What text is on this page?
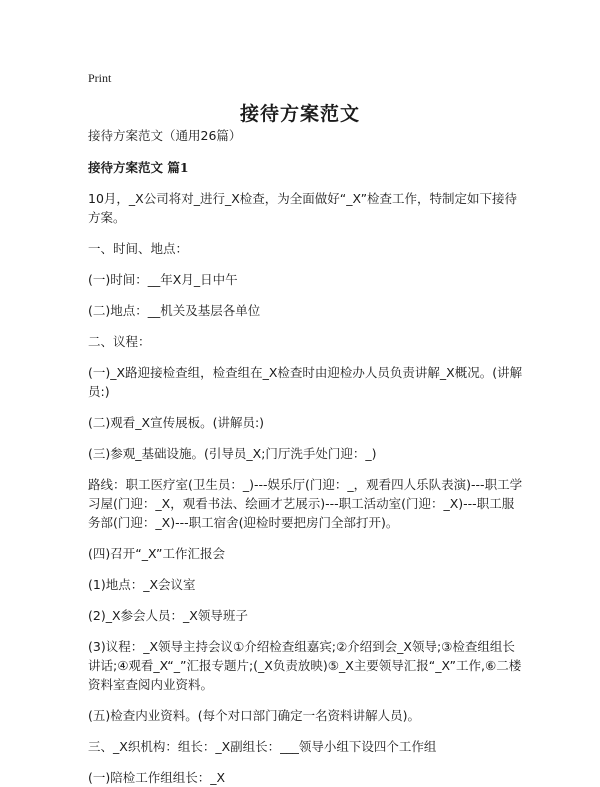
Print
接待方案范文

接待方案范文（通用26篇）

接待方案范文 篇1

10月，_X公司将对_进行_X检查，为全面做好“_X”检查工作，特制定如下接待方案。

一、时间、地点：

(一)时间：__年X月_日中午

(二)地点：__机关及基层各单位

二、议程：

(一)_X路迎接检查组，检查组在_X检查时由迎检办人员负责讲解_X概况。(讲解员:)

(二)观看_X宣传展板。(讲解员:)

(三)参观_基础设施。(引导员_X;门厅洗手处门迎：_)

路线：职工医疗室(卫生员：_)---娱乐厅(门迎：_，观看四人乐队表演)---职工学习屋(门迎：_X，观看书法、绘画才艺展示)---职工活动室(门迎：_X)---职工服务部(门迎：_X)---职工宿舍(迎检时要把房门全部打开)。

(四)召开“_X”工作汇报会

(1)地点：_X会议室

(2)_X参会人员：_X领导班子

(3)议程：_X领导主持会议①介绍检查组嘉宾;②介绍到会_X领导;③检查组组长讲话;④观看_X“_”汇报专题片;(_X负责放映)⑤_X主要领导汇报“_X”工作,⑥二楼资料室查阅内业资料。

(五)检查内业资料。(每个对口部门确定一名资料讲解人员)。

三、_X织机构：组长：_X副组长：___领导小组下设四个工作组

(一)陪检工作组组长：_X
